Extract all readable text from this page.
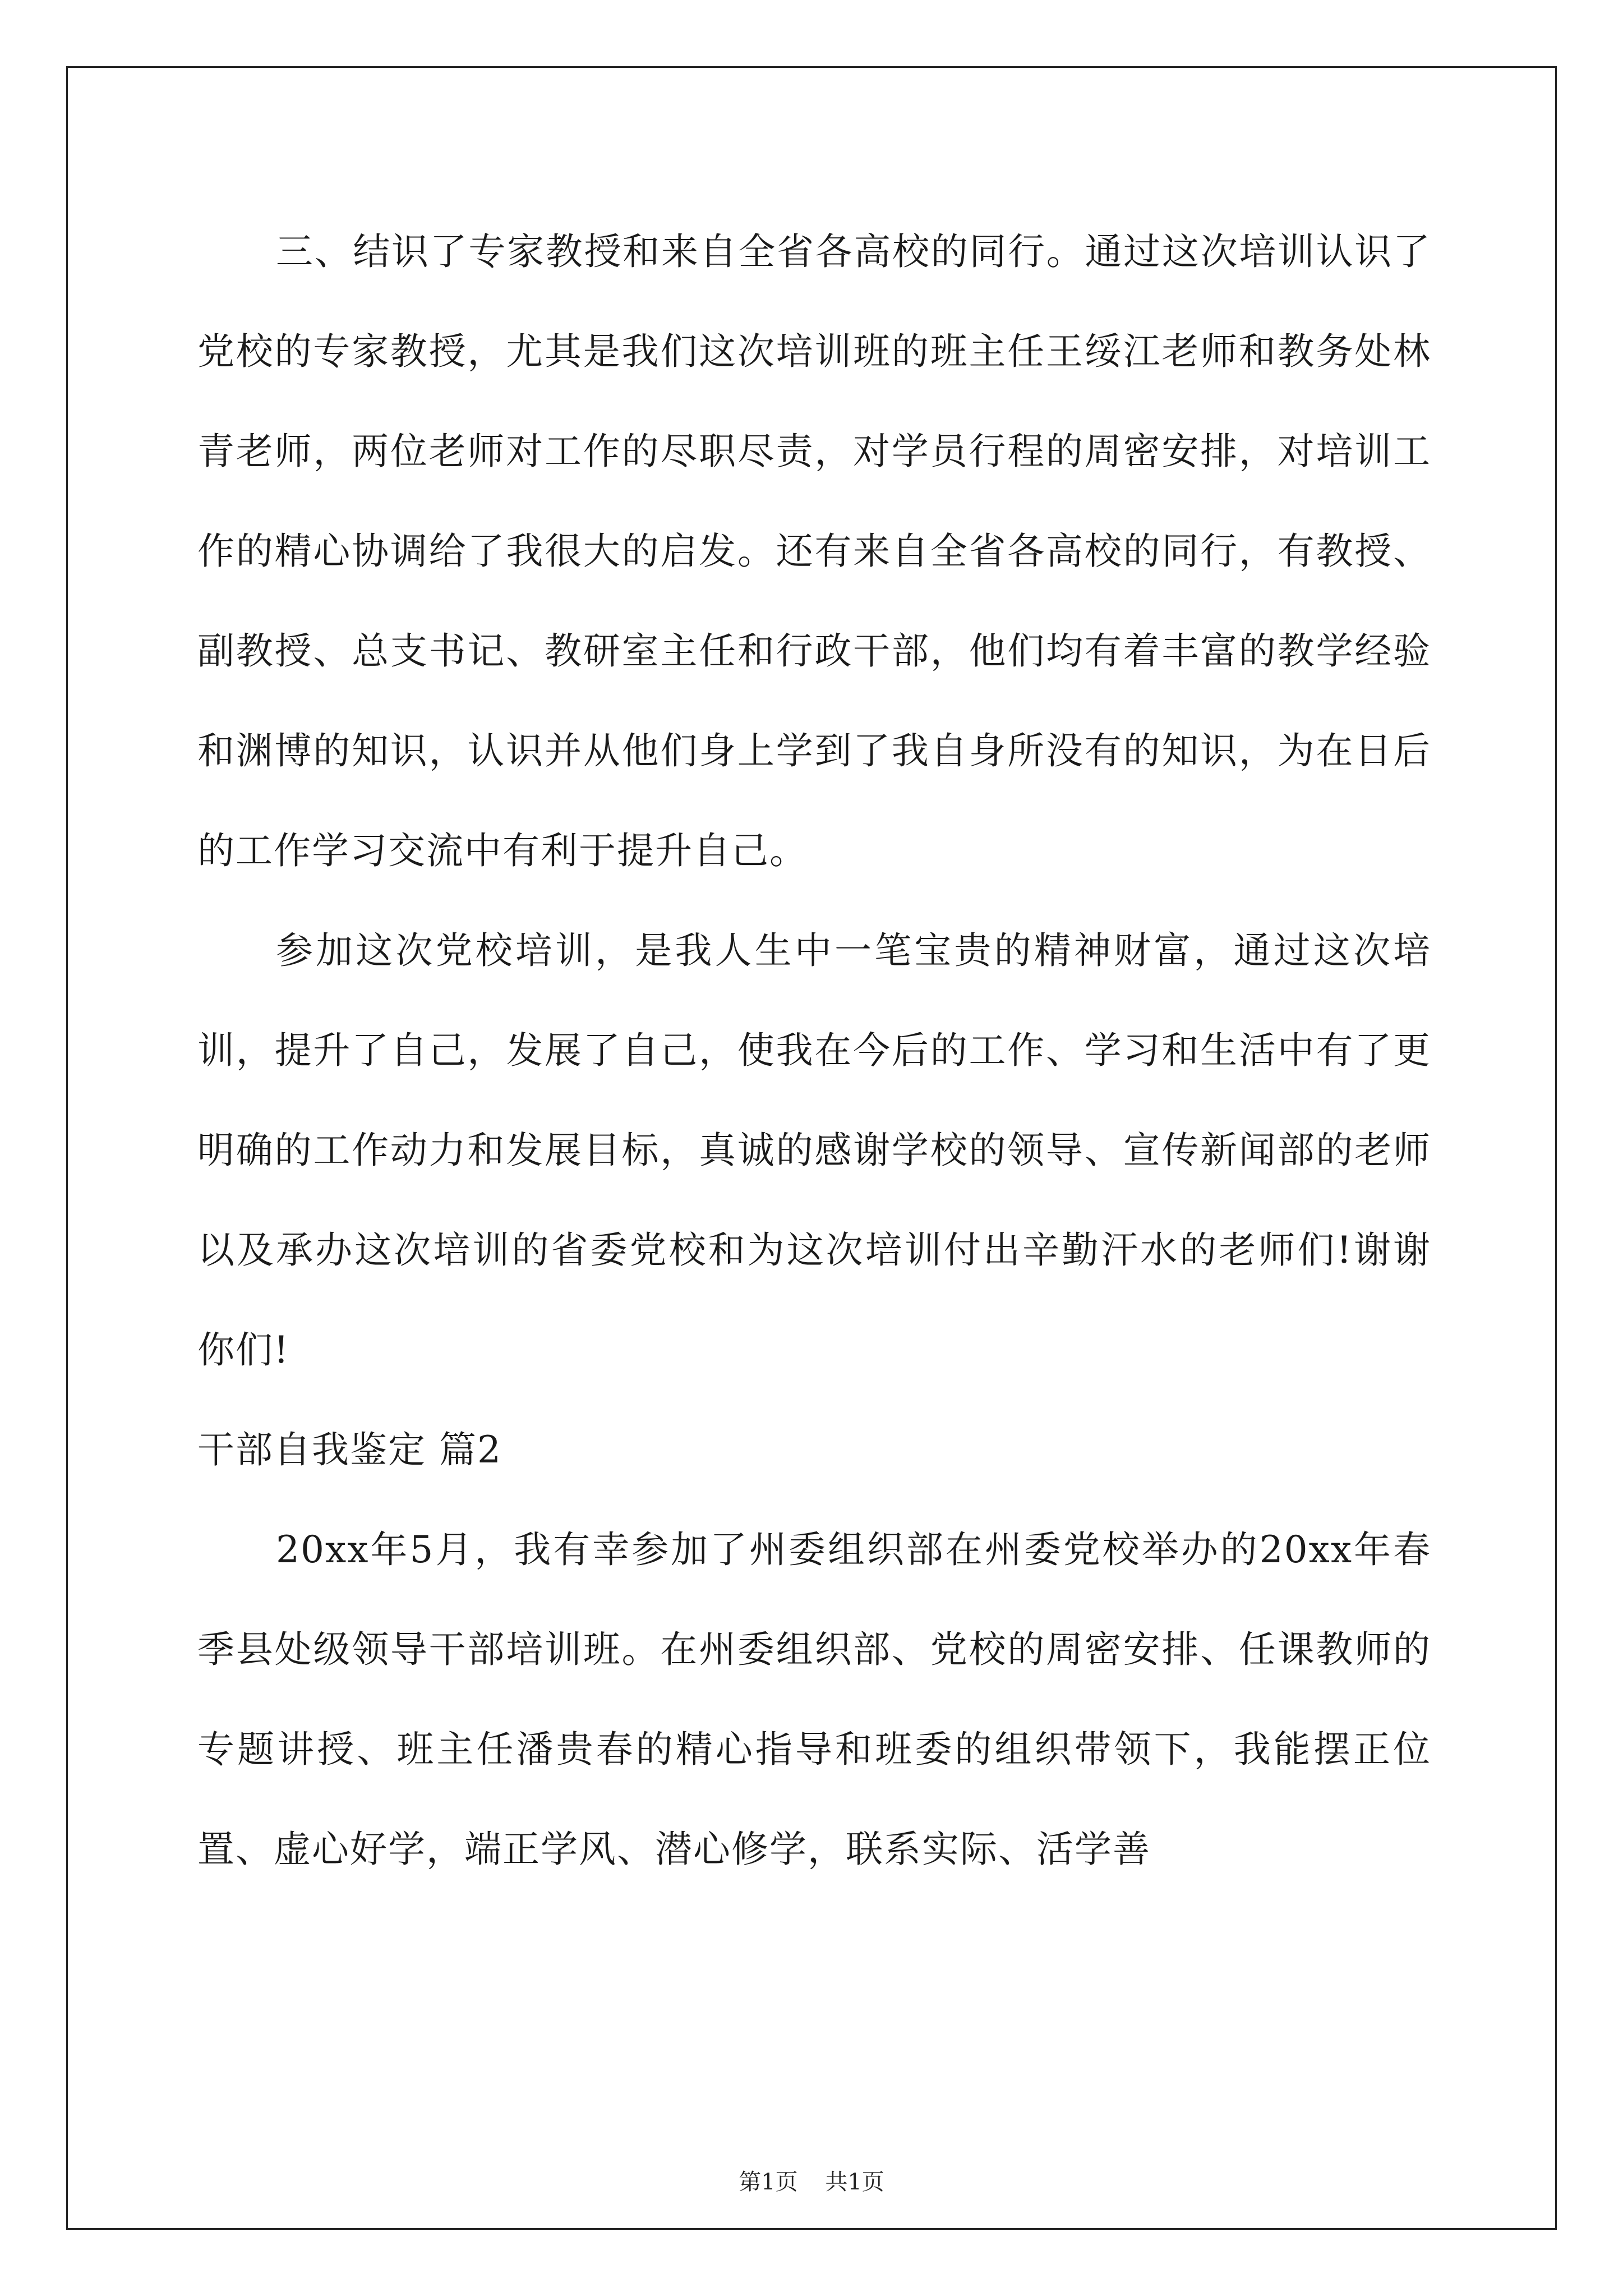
三、结识了专家教授和来自全省各高校的同行。通过这次培训认识了党校的专家教授，尤其是我们这次培训班的班主任王绥江老师和教务处林青老师，两位老师对工作的尽职尽责，对学员行程的周密安排，对培训工作的精心协调给了我很大的启发。还有来自全省各高校的同行，有教授、副教授、总支书记、教研室主任和行政干部，他们均有着丰富的教学经验和渊博的知识，认识并从他们身上学到了我自身所没有的知识，为在日后的工作学习交流中有利于提升自己。

参加这次党校培训，是我人生中一笔宝贵的精神财富，通过这次培训，提升了自己，发展了自己，使我在今后的工作、学习和生活中有了更明确的工作动力和发展目标，真诚的感谢学校的领导、宣传新闻部的老师以及承办这次培训的省委党校和为这次培训付出辛勤汗水的老师们!谢谢你们!

干部自我鉴定 篇2

20xx年5月，我有幸参加了州委组织部在州委党校举办的20xx年春季县处级领导干部培训班。在州委组织部、党校的周密安排、任课教师的专题讲授、班主任潘贵春的精心指导和班委的组织带领下，我能摆正位置、虚心好学，端正学风、潜心修学，联系实际、活学善

第1页 共1页
